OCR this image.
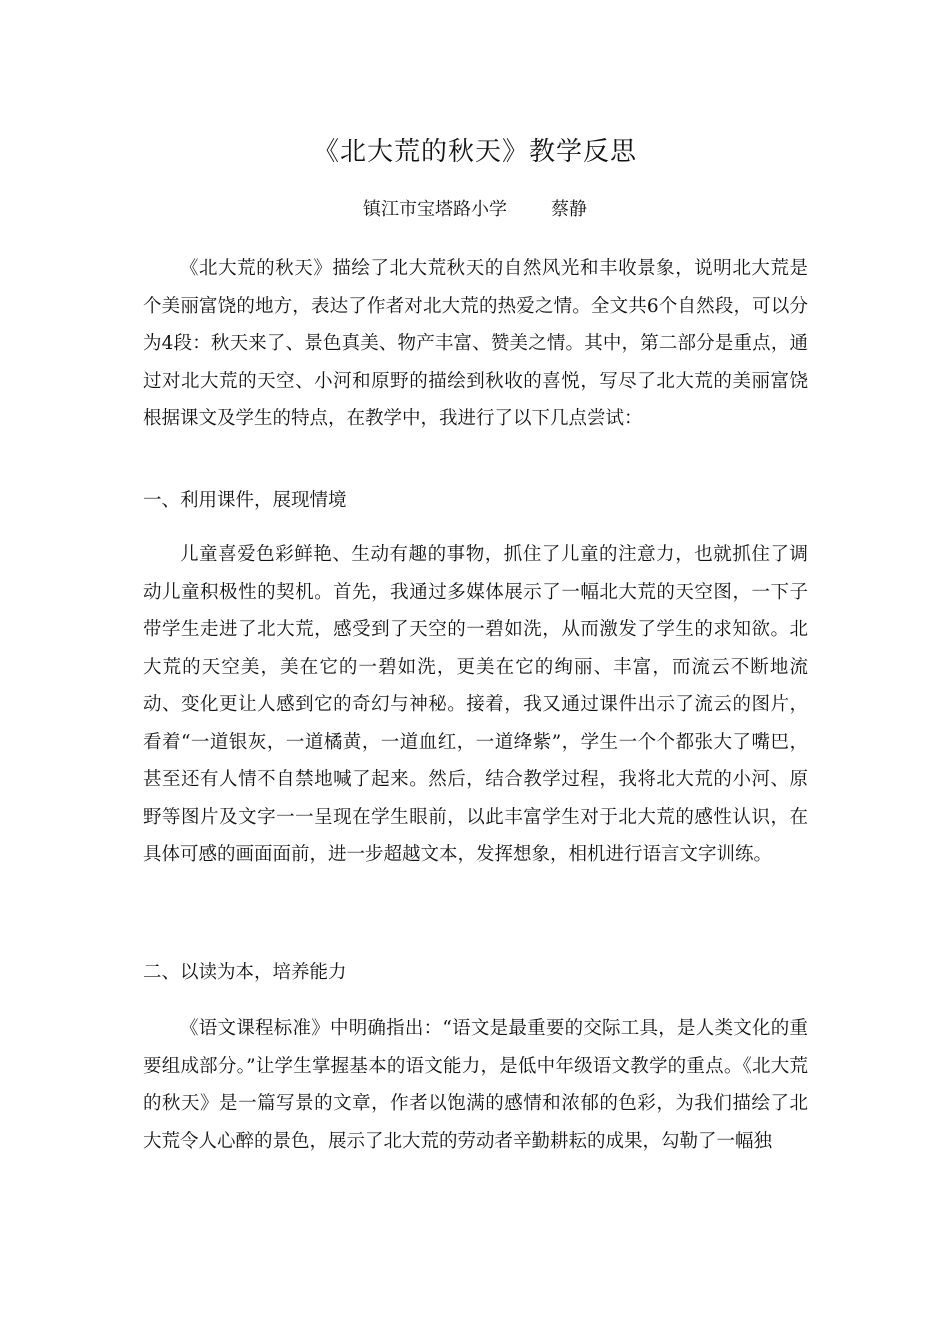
《北大荒的秋天》教学反思
镇江市宝塔路小学 蔡静

《北大荒的秋天》描绘了北大荒秋天的自然风光和丰收景象，说明北大荒是个美丽富饶的地方，表达了作者对北大荒的热爱之情。全文共6个自然段，可以分为4段：秋天来了、景色真美、物产丰富、赞美之情。其中，第二部分是重点，通过对北大荒的天空、小河和原野的描绘到秋收的喜悦，写尽了北大荒的美丽富饶根据课文及学生的特点，在教学中，我进行了以下几点尝试：

一、利用课件，展现情境

儿童喜爱色彩鲜艳、生动有趣的事物，抓住了儿童的注意力，也就抓住了调动儿童积极性的契机。首先，我通过多媒体展示了一幅北大荒的天空图，一下子带学生走进了北大荒，感受到了天空的一碧如洗，从而激发了学生的求知欲。北大荒的天空美，美在它的一碧如洗，更美在它的绚丽、丰富，而流云不断地流动、变化更让人感到它的奇幻与神秘。接着，我又通过课件出示了流云的图片，看着“一道银灰，一道橘黄，一道血红，一道绛紫”，学生一个个都张大了嘴巴，甚至还有人情不自禁地喊了起来。然后，结合教学过程，我将北大荒的小河、原野等图片及文字一一呈现在学生眼前，以此丰富学生对于北大荒的感性认识，在具体可感的画面面前，进一步超越文本，发挥想象，相机进行语言文字训练。

二、以读为本，培养能力

《语文课程标准》中明确指出：“语文是最重要的交际工具，是人类文化的重要组成部分。”让学生掌握基本的语文能力，是低中年级语文教学的重点。《北大荒的秋天》是一篇写景的文章，作者以饱满的感情和浓郁的色彩，为我们描绘了北大荒令人心醉的景色，展示了北大荒的劳动者辛勤耕耘的成果，勾勒了一幅独
